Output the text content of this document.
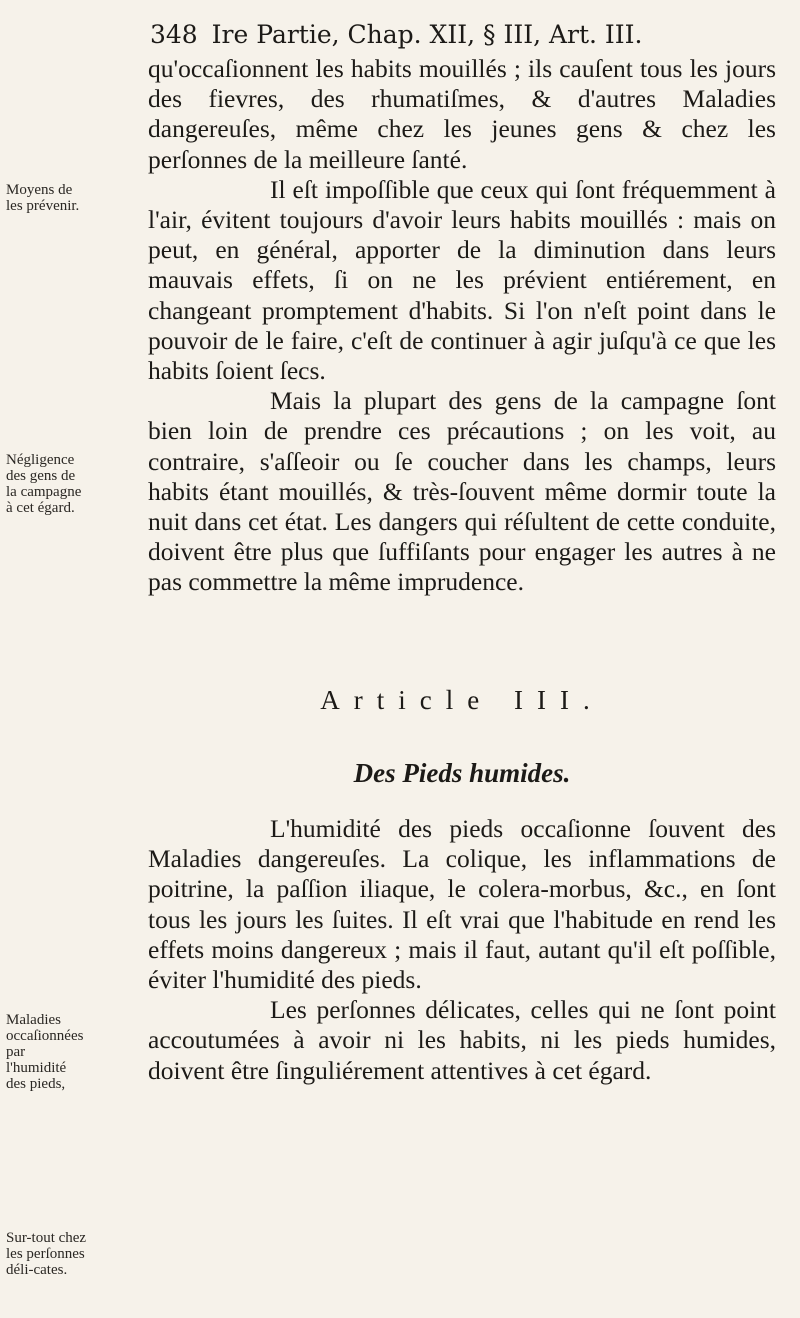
348 Ire Partie, Chap. XII, § III, Art. III.
Moyens de les prévenir.
Négligence des gens de la campagne à cet égard.
Maladies occaſionnées par l'humidité des pieds,
Sur-tout chez les perſonnes déli-cates.

qu'occaſionnent les habits mouillés ; ils cauſent tous les jours des fievres, des rhumatiſmes, & d'autres Maladies dangereuſes, même chez les jeunes gens & chez les perſonnes de la meilleure ſanté.

Il eſt impoſſible que ceux qui ſont fréquemment à l'air, évitent toujours d'avoir leurs habits mouillés : mais on peut, en général, apporter de la diminution dans leurs mauvais effets, ſi on ne les prévient entiérement, en changeant promptement d'habits. Si l'on n'eſt point dans le pouvoir de le faire, c'eſt de continuer à agir juſqu'à ce que les habits ſoient ſecs.

Mais la plupart des gens de la campagne ſont bien loin de prendre ces précautions ; on les voit, au contraire, s'aſſeoir ou ſe coucher dans les champs, leurs habits étant mouillés, & très-ſouvent même dormir toute la nuit dans cet état. Les dangers qui réſultent de cette conduite, doivent être plus que ſuffiſants pour engager les autres à ne pas commettre la même imprudence.

Article III.
Des Pieds humides.

L'humidité des pieds occaſionne ſouvent des Maladies dangereuſes. La colique, les inflammations de poitrine, la paſſion iliaque, le colera-morbus, &c., en ſont tous les jours les ſuites. Il eſt vrai que l'habitude en rend les effets moins dangereux ; mais il faut, autant qu'il eſt poſſible, éviter l'humidité des pieds.

Les perſonnes délicates, celles qui ne ſont point accoutumées à avoir ni les habits, ni les pieds humides, doivent être ſinguliérement attentives à cet égard.
